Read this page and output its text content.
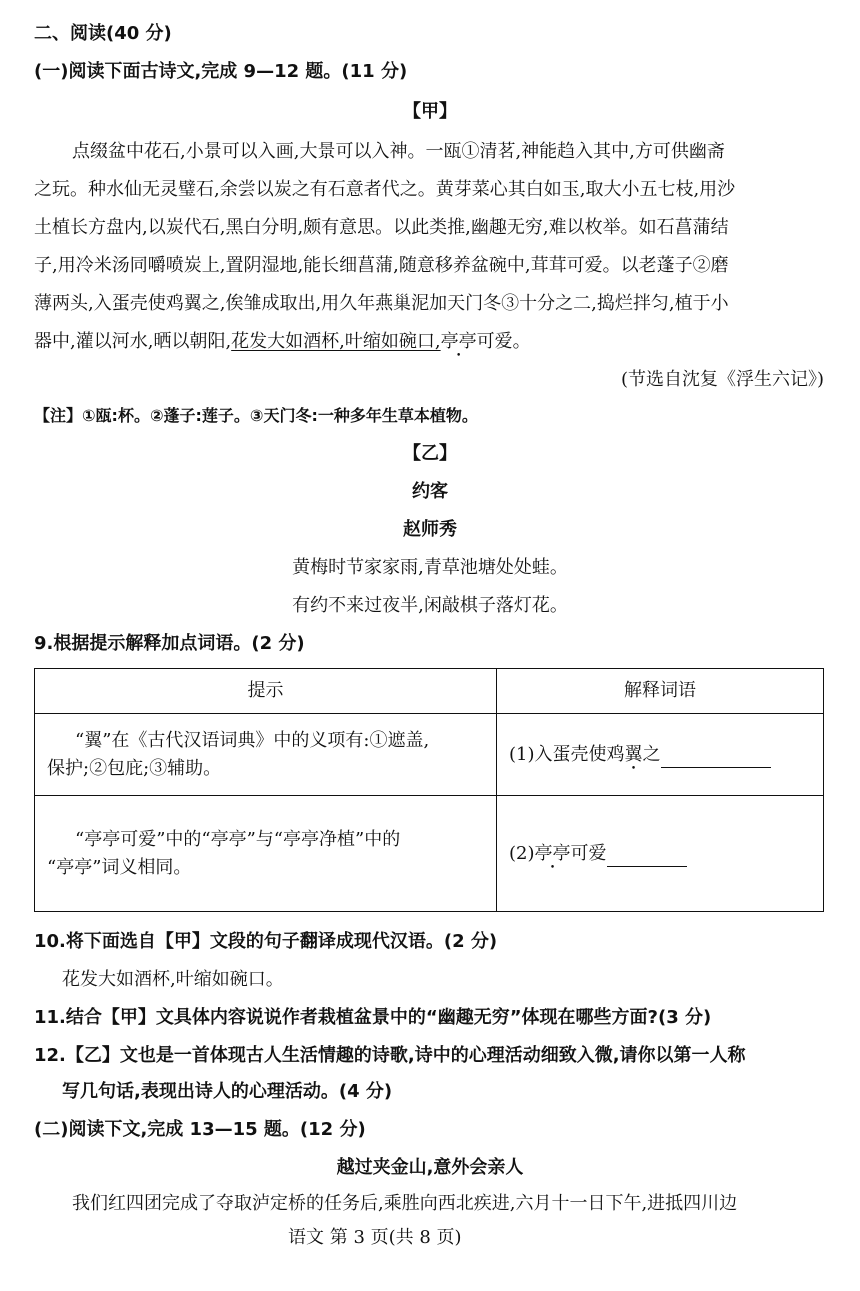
二、阅读(40 分)
(一)阅读下面古诗文,完成 9—12 题。(11 分)
【甲】
点缀盆中花石,小景可以入画,大景可以入神。一瓯①清茗,神能趋入其中,方可供幽斋
之玩。种水仙无灵璧石,余尝以炭之有石意者代之。黄芽菜心其白如玉,取大小五七枝,用沙
土植长方盘内,以炭代石,黑白分明,颇有意思。以此类推,幽趣无穷,难以枚举。如石菖蒲结
子,用冷米汤同嚼喷炭上,置阴湿地,能长细菖蒲,随意移养盆碗中,茸茸可爱。以老蓬子②磨
薄两头,入蛋壳使鸡翼之,俟雏成取出,用久年燕巢泥加天门冬③十分之二,捣烂拌匀,植于小
器中,灌以河水,晒以朝阳,花发大如酒杯,叶缩如碗口,亭亭可爱。
(节选自沈复《浮生六记》)
【注】①瓯:杯。②蓬子:莲子。③天门冬:一种多年生草本植物。
【乙】
约客
赵师秀
黄梅时节家家雨,青草池塘处处蛙。
有约不来过夜半,闲敲棋子落灯花。
9.根据提示解释加点词语。(2 分)
提示	解释词语

“翼”在《古代汉语词典》中的义项有:①遮盖,
保护;②包庇;③辅助。	(1)入蛋壳使鸡翼之

“亭亭可爱”中的“亭亭”与“亭亭净植”中的
“亭亭”词义相同。	(2)亭亭可爱
10.将下面选自【甲】文段的句子翻译成现代汉语。(2 分)
花发大如酒杯,叶缩如碗口。
11.结合【甲】文具体内容说说作者栽植盆景中的“幽趣无穷”体现在哪些方面?(3 分)
12.【乙】文也是一首体现古人生活情趣的诗歌,诗中的心理活动细致入微,请你以第一人称
写几句话,表现出诗人的心理活动。(4 分)
(二)阅读下文,完成 13—15 题。(12 分)
越过夹金山,意外会亲人
我们红四团完成了夺取泸定桥的任务后,乘胜向西北疾进,六月十一日下午,进抵四川边
语文 第 3 页(共 8 页)
